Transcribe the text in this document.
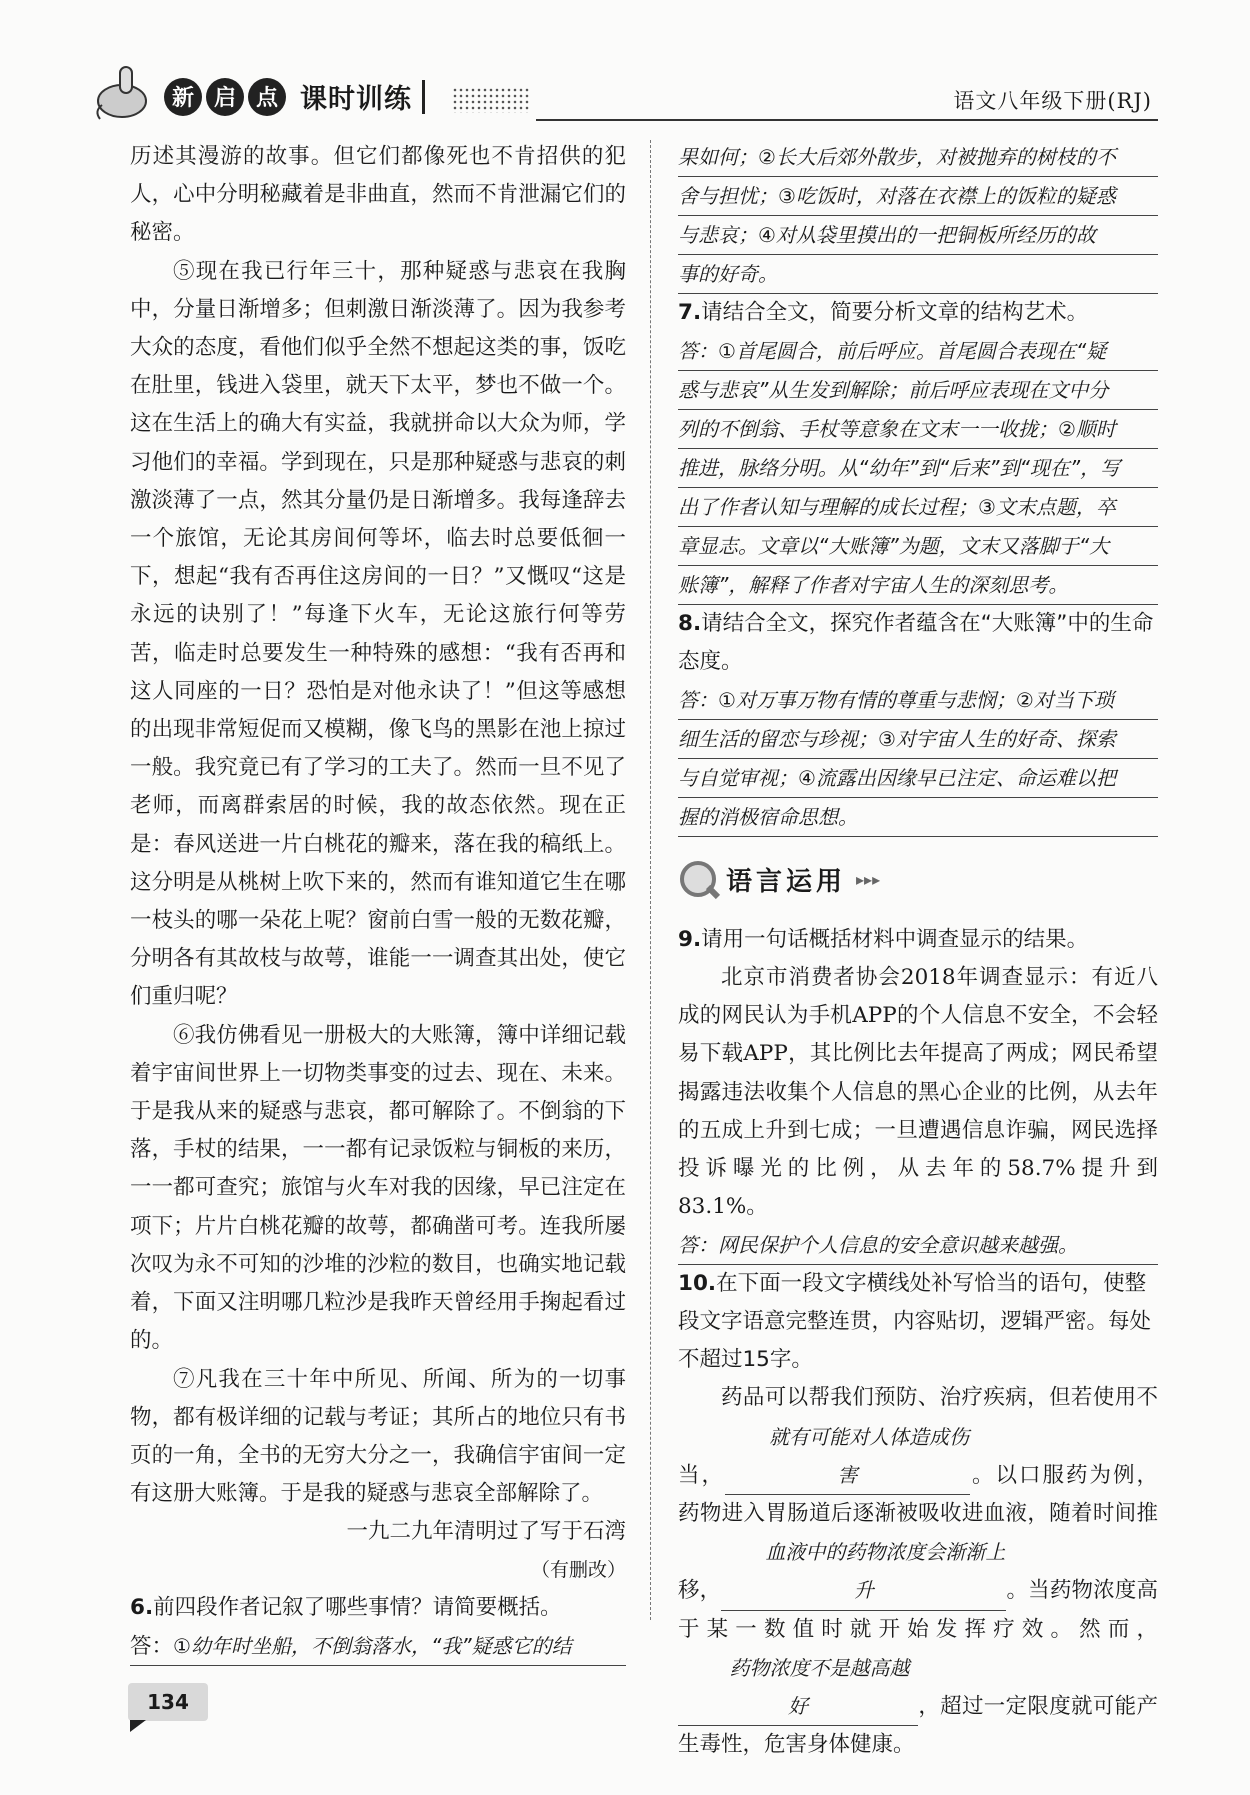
新 启 点 课时训练	语文八年级下册(RJ)

历述其漫游的故事。但它们都像死也不肯招供的犯人，心中分明秘藏着是非曲直，然而不肯泄漏它们的秘密。

⑤现在我已行年三十，那种疑惑与悲哀在我胸中，分量日渐增多；但刺激日渐淡薄了。因为我参考大众的态度，看他们似乎全然不想起这类的事，饭吃在肚里，钱进入袋里，就天下太平，梦也不做一个。这在生活上的确大有实益，我就拼命以大众为师，学习他们的幸福。学到现在，只是那种疑惑与悲哀的刺激淡薄了一点，然其分量仍是日渐增多。我每逢辞去一个旅馆，无论其房间何等坏，临去时总要低徊一下，想起“我有否再住这房间的一日？”又慨叹“这是永远的诀别了！”每逢下火车，无论这旅行何等劳苦，临走时总要发生一种特殊的感想：“我有否再和这人同座的一日？恐怕是对他永诀了！”但这等感想的出现非常短促而又模糊，像飞鸟的黑影在池上掠过一般。我究竟已有了学习的工夫了。然而一旦不见了老师，而离群索居的时候，我的故态依然。现在正是：春风送进一片白桃花的瓣来，落在我的稿纸上。这分明是从桃树上吹下来的，然而有谁知道它生在哪一枝头的哪一朵花上呢？窗前白雪一般的无数花瓣，分明各有其故枝与故萼，谁能一一调查其出处，使它们重归呢？

⑥我仿佛看见一册极大的大账簿，簿中详细记载着宇宙间世界上一切物类事变的过去、现在、未来。于是我从来的疑惑与悲哀，都可解除了。不倒翁的下落，手杖的结果，一一都有记录饭粒与铜板的来历，一一都可查究；旅馆与火车对我的因缘，早已注定在项下；片片白桃花瓣的故萼，都确凿可考。连我所屡次叹为永不可知的沙堆的沙粒的数目，也确实地记载着，下面又注明哪几粒沙是我昨天曾经用手掬起看过的。

⑦凡我在三十年中所见、所闻、所为的一切事物，都有极详细的记载与考证；其所占的地位只有书页的一角，全书的无穷大分之一，我确信宇宙间一定有这册大账簿。于是我的疑惑与悲哀全部解除了。

一九二九年清明过了写于石湾

（有删改）

6.前四段作者记叙了哪些事情？请简要概括。

答：①幼年时坐船，不倒翁落水，“我”疑惑它的结

果如何；②长大后郊外散步，对被抛弃的树枝的不
舍与担忧；③吃饭时，对落在衣襟上的饭粒的疑惑
与悲哀；④对从袋里摸出的一把铜板所经历的故
事的好奇。

7.请结合全文，简要分析文章的结构艺术。

答：①首尾圆合，前后呼应。首尾圆合表现在“疑
惑与悲哀”从生发到解除；前后呼应表现在文中分
列的不倒翁、手杖等意象在文末一一收拢；②顺时
推进，脉络分明。从“幼年”到“后来”到“现在”，写
出了作者认知与理解的成长过程；③文末点题，卒
章显志。文章以“大账簿”为题，文末又落脚于“大
账簿”，解释了作者对宇宙人生的深刻思考。

8.请结合全文，探究作者蕴含在“大账簿”中的生命态度。

答：①对万事万物有情的尊重与悲悯；②对当下琐
细生活的留恋与珍视；③对宇宙人生的好奇、探索
与自觉审视；④流露出因缘早已注定、命运难以把
握的消极宿命思想。

语言运用 ▸▸▸

9.请用一句话概括材料中调查显示的结果。

北京市消费者协会2018年调查显示：有近八成的网民认为手机APP的个人信息不安全，不会轻易下载APP，其比例比去年提高了两成；网民希望揭露违法收集个人信息的黑心企业的比例，从去年的五成上升到七成；一旦遭遇信息诈骗，网民选择投诉曝光的比例，从去年的58.7%提升到83.1%。

答：网民保护个人信息的安全意识越来越强。

10.在下面一段文字横线处补写恰当的语句，使整段文字语意完整连贯，内容贴切，逻辑严密。每处不超过15字。

药品可以帮我们预防、治疗疾病，但若使用不当，就有可能对人体造成伤害	。以口服药为例，药物进入胃肠道后逐渐被吸收进血液，随着时间推移，血液中的药物浓度会渐渐上升	。当药物浓度高于某一数值时就开始发挥疗效。然而，药物浓度不是越高越好	，超过一定限度就可能产生毒性，危害身体健康。

134
